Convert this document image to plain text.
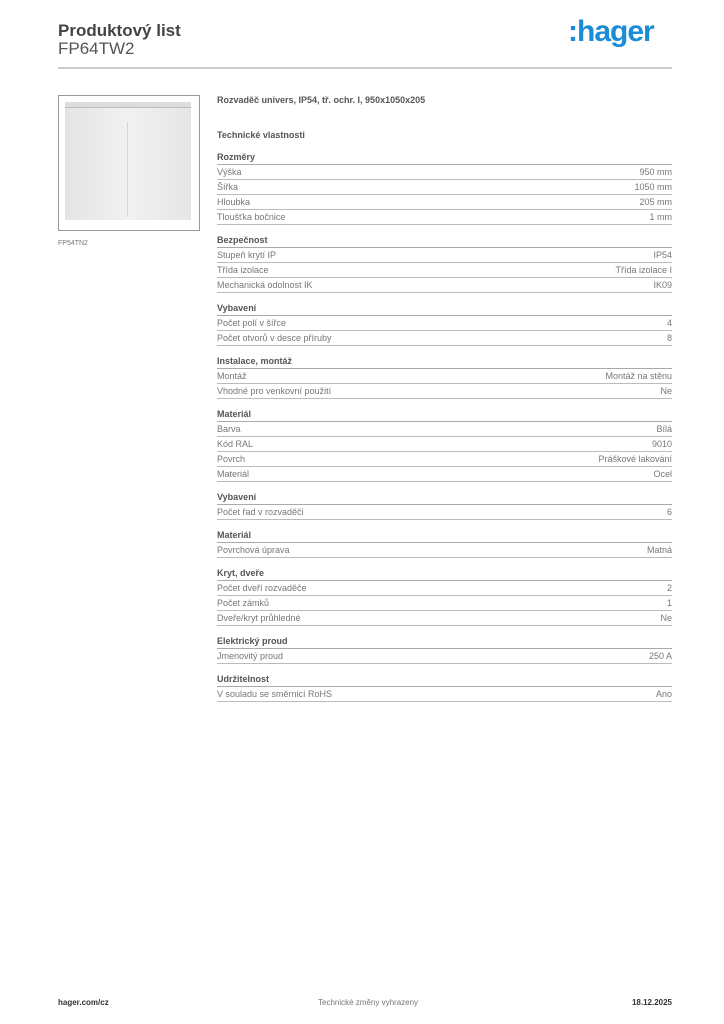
Produktový list
FP64TW2
:hager
FP54TN2
Rozvaděč univers, IP54, tř. ochr. I, 950x1050x205
Technické vlastnosti
Rozměry
Výška	950 mm
Šířka	1050 mm
Hloubka	205 mm
Tloušťka bočnice	1 mm
Bezpečnost
Stupeň krytí IP	IP54
Třída izolace	Třída izolace I
Mechanická odolnost IK	IK09
Vybavení
Počet polí v šířce	4
Počet otvorů v desce příruby	8
Instalace, montáž
Montáž	Montáž na stěnu
Vhodné pro venkovní použití	Ne
Materiál
Barva	Bílá
Kód RAL	9010
Povrch	Práškové lakování
Materiál	Ocel
Vybavení
Počet řad v rozvaděči	6
Materiál
Povrchová úprava	Matná
Kryt, dveře
Počet dveří rozvaděče	2
Počet zámků	1
Dveře/kryt průhledné	Ne
Elektrický proud
Jmenovitý proud	250 A
Udržitelnost
V souladu se směrnicí RoHS	Ano
hager.com/cz	Technické změny vyhrazeny	18.12.2025
